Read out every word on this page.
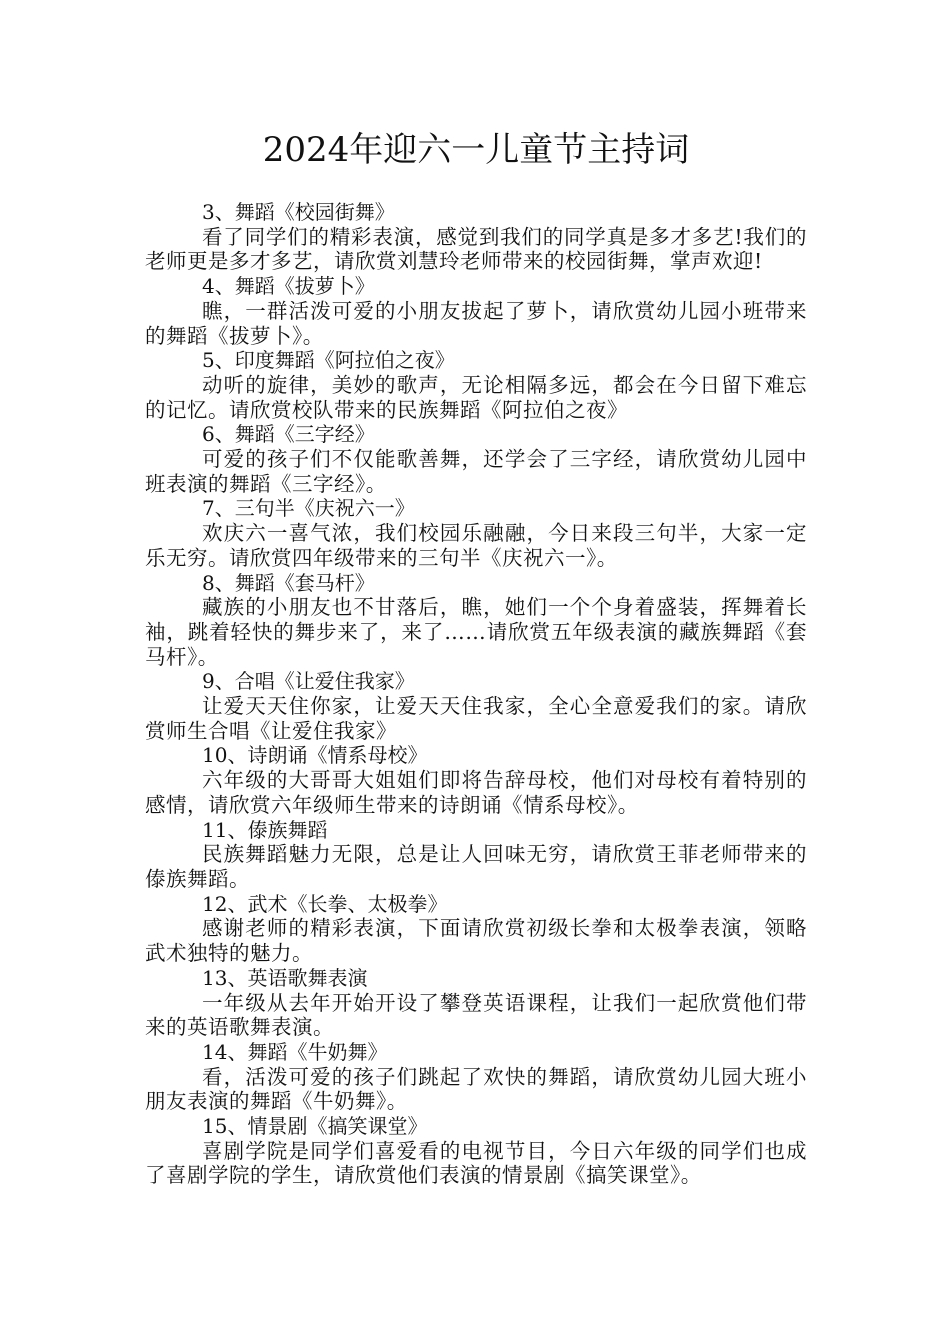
2024年迎六一儿童节主持词

3、舞蹈《校园街舞》

看了同学们的精彩表演，感觉到我们的同学真是多才多艺!我们的老师更是多才多艺，请欣赏刘慧玲老师带来的校园街舞，掌声欢迎!

4、舞蹈《拔萝卜》

瞧，一群活泼可爱的小朋友拔起了萝卜，请欣赏幼儿园小班带来的舞蹈《拔萝卜》。

5、印度舞蹈《阿拉伯之夜》

动听的旋律，美妙的歌声，无论相隔多远，都会在今日留下难忘的记忆。请欣赏校队带来的民族舞蹈《阿拉伯之夜》

6、舞蹈《三字经》

可爱的孩子们不仅能歌善舞，还学会了三字经，请欣赏幼儿园中班表演的舞蹈《三字经》。

7、三句半《庆祝六一》

欢庆六一喜气浓，我们校园乐融融，今日来段三句半，大家一定乐无穷。请欣赏四年级带来的三句半《庆祝六一》。

8、舞蹈《套马杆》

藏族的小朋友也不甘落后，瞧，她们一个个身着盛装，挥舞着长袖，跳着轻快的舞步来了，来了……请欣赏五年级表演的藏族舞蹈《套马杆》。

9、合唱《让爱住我家》

让爱天天住你家，让爱天天住我家，全心全意爱我们的家。请欣赏师生合唱《让爱住我家》

10、诗朗诵《情系母校》

六年级的大哥哥大姐姐们即将告辞母校，他们对母校有着特别的感情，请欣赏六年级师生带来的诗朗诵《情系母校》。

11、傣族舞蹈

民族舞蹈魅力无限，总是让人回味无穷，请欣赏王菲老师带来的傣族舞蹈。

12、武术《长拳、太极拳》

感谢老师的精彩表演，下面请欣赏初级长拳和太极拳表演，领略武术独特的魅力。

13、英语歌舞表演

一年级从去年开始开设了攀登英语课程，让我们一起欣赏他们带来的英语歌舞表演。

14、舞蹈《牛奶舞》

看，活泼可爱的孩子们跳起了欢快的舞蹈，请欣赏幼儿园大班小朋友表演的舞蹈《牛奶舞》。

15、情景剧《搞笑课堂》

喜剧学院是同学们喜爱看的电视节目，今日六年级的同学们也成了喜剧学院的学生，请欣赏他们表演的情景剧《搞笑课堂》。
